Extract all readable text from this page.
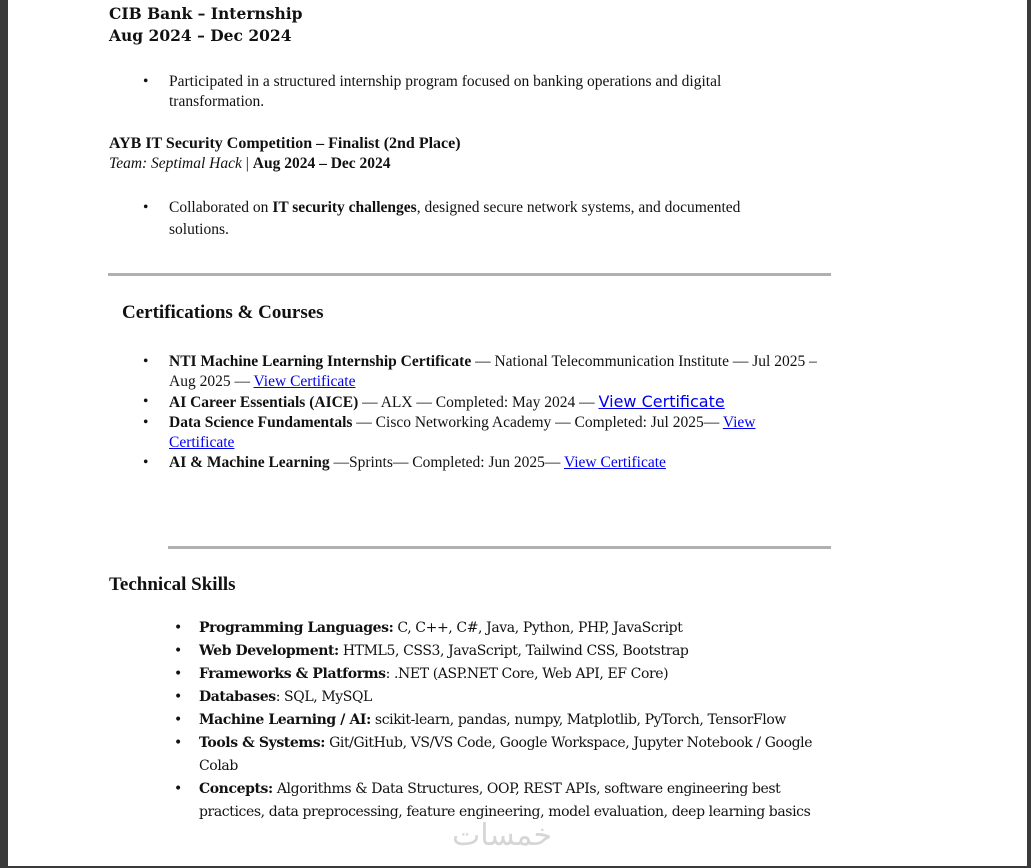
CIB Bank – Internship
Aug 2024 – Dec 2024
• Participated in a structured internship program focused on banking operations and digital transformation.
AYB IT Security Competition – Finalist (2nd Place)
Team: Septimal Hack | Aug 2024 – Dec 2024
• Collaborated on IT security challenges, designed secure network systems, and documented solutions.
Certifications & Courses
• NTI Machine Learning Internship Certificate — National Telecommunication Institute — Jul 2025 – Aug 2025 — View Certificate
• AI Career Essentials (AICE) — ALX — Completed: May 2024 — View Certificate
• Data Science Fundamentals — Cisco Networking Academy — Completed: Jul 2025— View Certificate
• AI & Machine Learning —Sprints— Completed: Jun 2025— View Certificate
Technical Skills
• Programming Languages: C, C++, C#, Java, Python, PHP, JavaScript
• Web Development: HTML5, CSS3, JavaScript, Tailwind CSS, Bootstrap
• Frameworks & Platforms: .NET (ASP.NET Core, Web API, EF Core)
• Databases: SQL, MySQL
• Machine Learning / AI: scikit-learn, pandas, numpy, Matplotlib, PyTorch, TensorFlow
• Tools & Systems: Git/GitHub, VS/VS Code, Google Workspace, Jupyter Notebook / Google Colab
• Concepts: Algorithms & Data Structures, OOP, REST APIs, software engineering best practices, data preprocessing, feature engineering, model evaluation, deep learning basics
خمسات
